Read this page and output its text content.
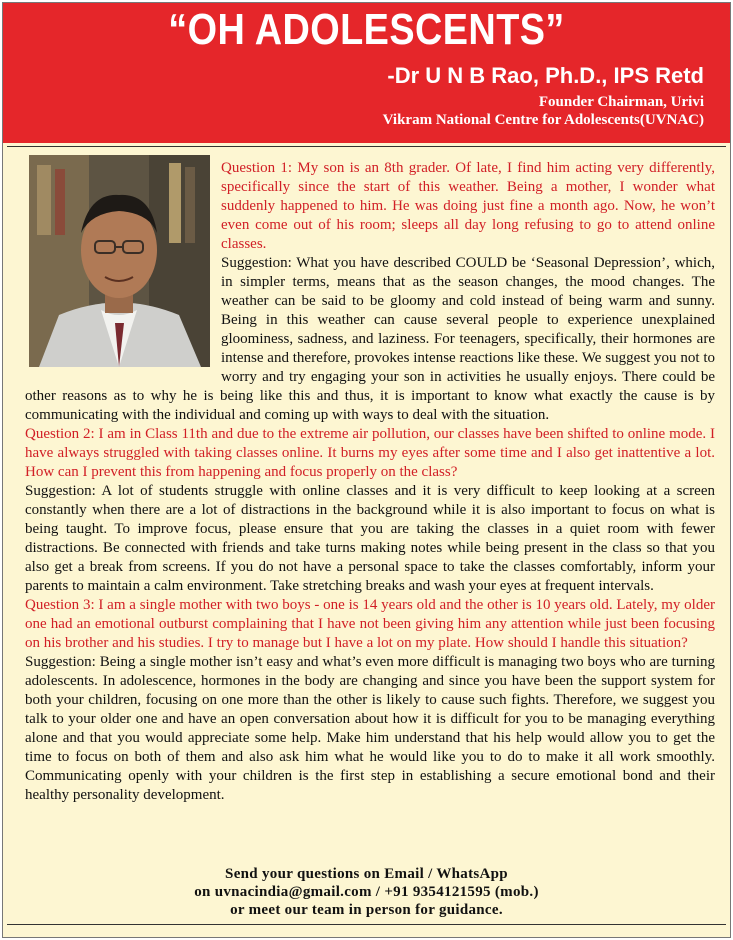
“OH ADOLESCENTS”
-Dr U N B Rao, Ph.D., IPS Retd
Founder Chairman, Urivi
Vikram National Centre for Adolescents(UVNAC)

Question 1: My son is an 8th grader. Of late, I find him acting very differently, specifically since the start of this weather. Being a mother, I wonder what suddenly happened to him. He was doing just fine a month ago. Now, he won’t even come out of his room; sleeps all day long refusing to go to attend online classes.

Suggestion: What you have described COULD be ‘Seasonal Depression’, which, in simpler terms, means that as the season changes, the mood changes. The weather can be said to be gloomy and cold instead of being warm and sunny. Being in this weather can cause several people to experience unexplained gloominess, sadness, and laziness. For teenagers, specifically, their hormones are intense and therefore, provokes intense reactions like these. We suggest you not to worry and try engaging your son in activities he usually enjoys. There could be other reasons as to why he is being like this and thus, it is important to know what exactly the cause is by communicating with the individual and coming up with ways to deal with the situation.

Question 2: I am in Class 11th and due to the extreme air pollution, our classes have been shifted to online mode. I have always struggled with taking classes online. It burns my eyes after some time and I also get inattentive a lot. How can I prevent this from happening and focus properly on the class?

Suggestion: A lot of students struggle with online classes and it is very difficult to keep looking at a screen constantly when there are a lot of distractions in the background while it is also important to focus on what is being taught. To improve focus, please ensure that you are taking the classes in a quiet room with fewer distractions. Be connected with friends and take turns making notes while being present in the class so that you also get a break from screens. If you do not have a personal space to take the classes comfortably, inform your parents to maintain a calm environment. Take stretching breaks and wash your eyes at frequent intervals.

Question 3: I am a single mother with two boys - one is 14 years old and the other is 10 years old. Lately, my older one had an emotional outburst complaining that I have not been giving him any attention while just been focusing on his brother and his studies. I try to manage but I have a lot on my plate. How should I handle this situation?

Suggestion: Being a single mother isn’t easy and what’s even more difficult is managing two boys who are turning adolescents. In adolescence, hormones in the body are changing and since you have been the support system for both your children, focusing on one more than the other is likely to cause such fights. Therefore, we suggest you talk to your older one and have an open conversation about how it is difficult for you to be managing everything alone and that you would appreciate some help. Make him understand that his help would allow you to get the time to focus on both of them and also ask him what he would like you to do to make it all work smoothly. Communicating openly with your children is the first step in establishing a secure emotional bond and their healthy personality development.

Send your questions on Email / WhatsApp
on uvnacindia@gmail.com / +91 9354121595 (mob.)
or meet our team in person for guidance.
